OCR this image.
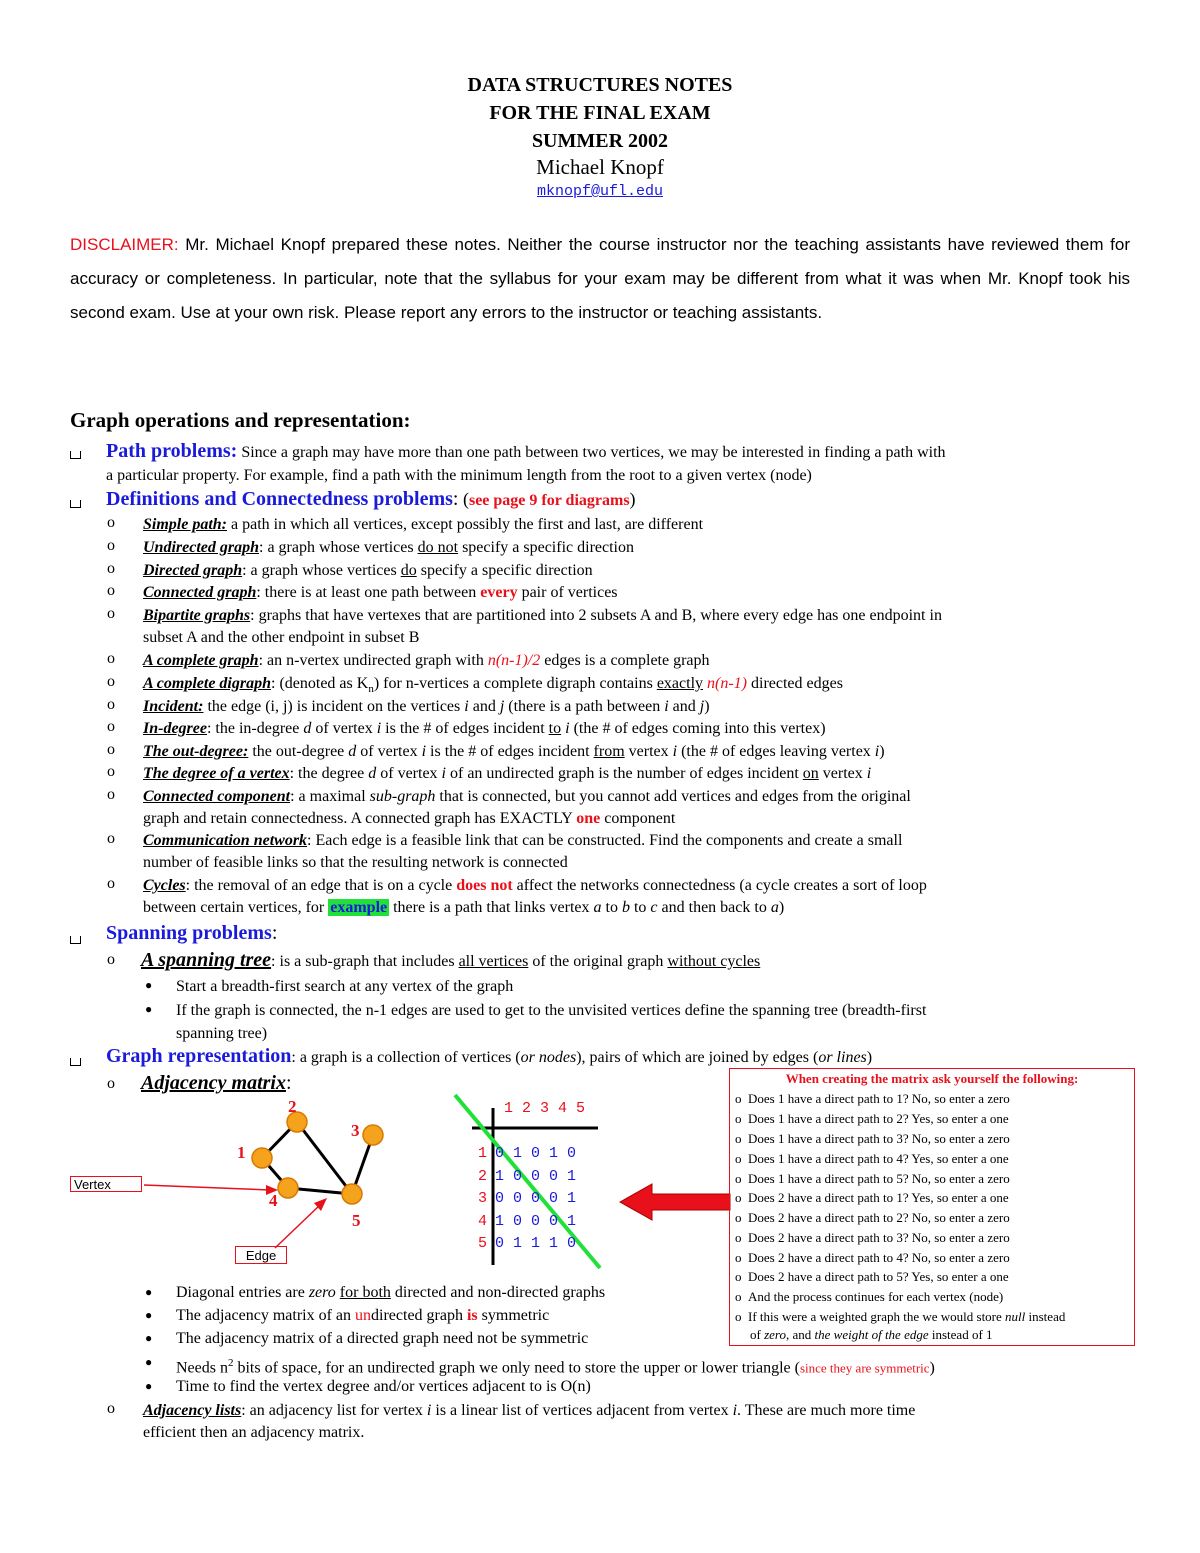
DATA STRUCTURES NOTES
FOR THE FINAL EXAM
SUMMER 2002
Michael Knopf
mknopf@ufl.edu
DISCLAIMER: Mr. Michael Knopf prepared these notes. Neither the course instructor nor the teaching assistants have reviewed them for accuracy or completeness. In particular, note that the syllabus for your exam may be different from what it was when Mr. Knopf took his second exam. Use at your own risk. Please report any errors to the instructor or teaching assistants.
Graph operations and representation:
Path problems: Since a graph may have more than one path between two vertices, we may be interested in finding a path with
a particular property. For example, find a path with the minimum length from the root to a given vertex (node)
Definitions and Connectedness problems: (see page 9 for diagrams)
o Simple path: a path in which all vertices, except possibly the first and last, are different
o Undirected graph: a graph whose vertices do not specify a specific direction
o Directed graph: a graph whose vertices do specify a specific direction
o Connected graph: there is at least one path between every pair of vertices
o Bipartite graphs: graphs that have vertexes that are partitioned into 2 subsets A and B, where every edge has one endpoint in
subset A and the other endpoint in subset B
o A complete graph: an n-vertex undirected graph with n(n-1)/2 edges is a complete graph
o A complete digraph: (denoted as $K_n$) for n-vertices a complete digraph contains exactly n(n-1) directed edges
o Incident: the edge (i, j) is incident on the vertices i and j (there is a path between i and j)
o In-degree: the in-degree d of vertex i is the # of edges incident to i (the # of edges coming into this vertex)
o The out-degree: the out-degree d of vertex i is the # of edges incident from vertex i (the # of edges leaving vertex i)
o The degree of a vertex: the degree d of vertex i of an undirected graph is the number of edges incident on vertex i
o Connected component: a maximal sub-graph that is connected, but you cannot add vertices and edges from the original
graph and retain connectedness. A connected graph has EXACTLY one component
o Communication network: Each edge is a feasible link that can be constructed. Find the components and create a small
number of feasible links so that the resulting network is connected
o Cycles: the removal of an edge that is on a cycle does not affect the networks connectedness (a cycle creates a sort of loop
between certain vertices, for example there is a path that links vertex a to b to c and then back to a)
Spanning problems:
o A spanning tree: is a sub-graph that includes all vertices of the original graph without cycles
● Start a breadth-first search at any vertex of the graph
● If the graph is connected, the n-1 edges are used to get to the unvisited vertices define the spanning tree (breadth-first
spanning tree)
Graph representation: a graph is a collection of vertices (or nodes), pairs of which are joined by edges (or lines)
o Adjacency matrix:
2
1
3
4
5
Vertex
Edge
1 2 3 4 5
1
2
3
4
5
0 1 0 1 0
1 0 0 0 1
0 0 0 0 1
1 0 0 0 1
0 1 1 1 0
When creating the matrix ask yourself the following:
o  Does 1 have a direct path to 1? No, so enter a zero
o  Does 1 have a direct path to 2? Yes, so enter a one
o  Does 1 have a direct path to 3? No, so enter a zero
o  Does 1 have a direct path to 4? Yes, so enter a one
o  Does 1 have a direct path to 5? No, so enter a zero
o  Does 2 have a direct path to 1? Yes, so enter a one
o  Does 2 have a direct path to 2? No, so enter a zero
o  Does 2 have a direct path to 3? No, so enter a zero
o  Does 2 have a direct path to 4? No, so enter a zero
o  Does 2 have a direct path to 5? Yes, so enter a one
o  And the process continues for each vertex (node)
o  If this were a weighted graph the we would store null instead
of zero, and the weight of the edge instead of 1
● Diagonal entries are zero for both directed and non-directed graphs
● The adjacency matrix of an undirected graph is symmetric
● The adjacency matrix of a directed graph need not be symmetric
● Needs $n^2$ bits of space, for an undirected graph we only need to store the upper or lower triangle (since they are symmetric)
● Time to find the vertex degree and/or vertices adjacent to is O(n)
o Adjacency lists: an adjacency list for vertex i is a linear list of vertices adjacent from vertex i. These are much more time
efficient then an adjacency matrix.
